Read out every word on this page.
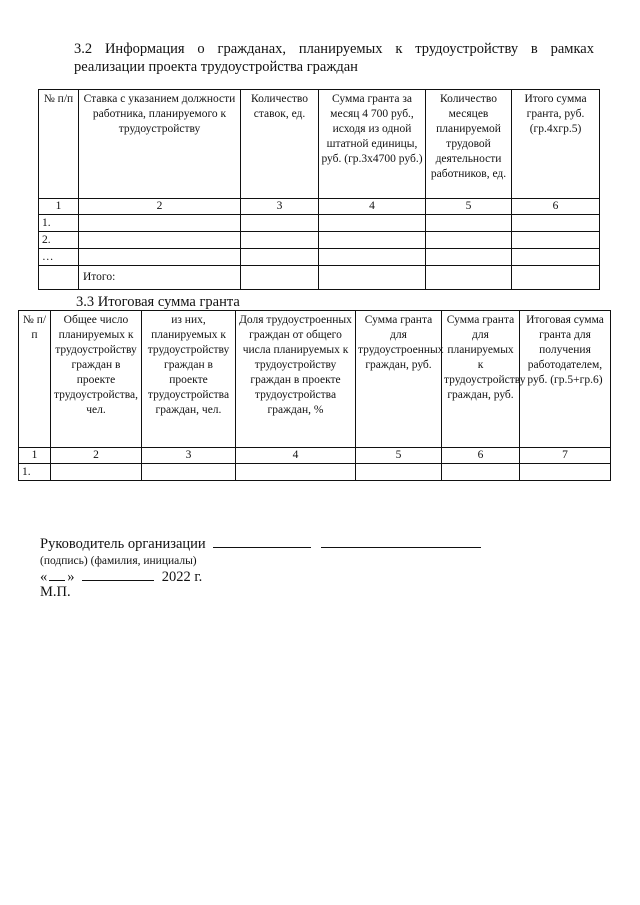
3.2 Информация о гражданах, планируемых к трудоустройству в рамках реализации проекта трудоустройства граждан
№ п/п	Ставка с указанием должности работника, планируемого к трудоустройству	Количество ставок, ед.	Сумма гранта за месяц 4 700 руб., исходя из одной штатной единицы, руб. (гр.3х4700 руб.)	Количество месяцев планируемой трудовой деятельности работников, ед.	Итого сумма гранта, руб. (гр.4хгр.5)
1	2	3	4	5	6
1.					
2.					
…					
	Итого:				
3.3 Итоговая сумма гранта
№ п/п	Общее число планируемых к трудоустройству граждан в проекте трудоустройства, чел.	из них, планируемых к трудоустройству граждан в проекте трудоустройства граждан, чел.	Доля трудоустроенных граждан от общего числа планируемых к трудоустройству граждан в проекте трудоустройства граждан, %	Сумма гранта для трудоустроенных граждан, руб.	Сумма гранта для планируемых к трудоустройству граждан, руб.	Итоговая сумма гранта для получения работодателем, руб. (гр.5+гр.6)
1	2	3	4	5	6	7
1.						
Руководитель организации
(подпись) (фамилия, инициалы)
« »	2022 г.
М.П.
